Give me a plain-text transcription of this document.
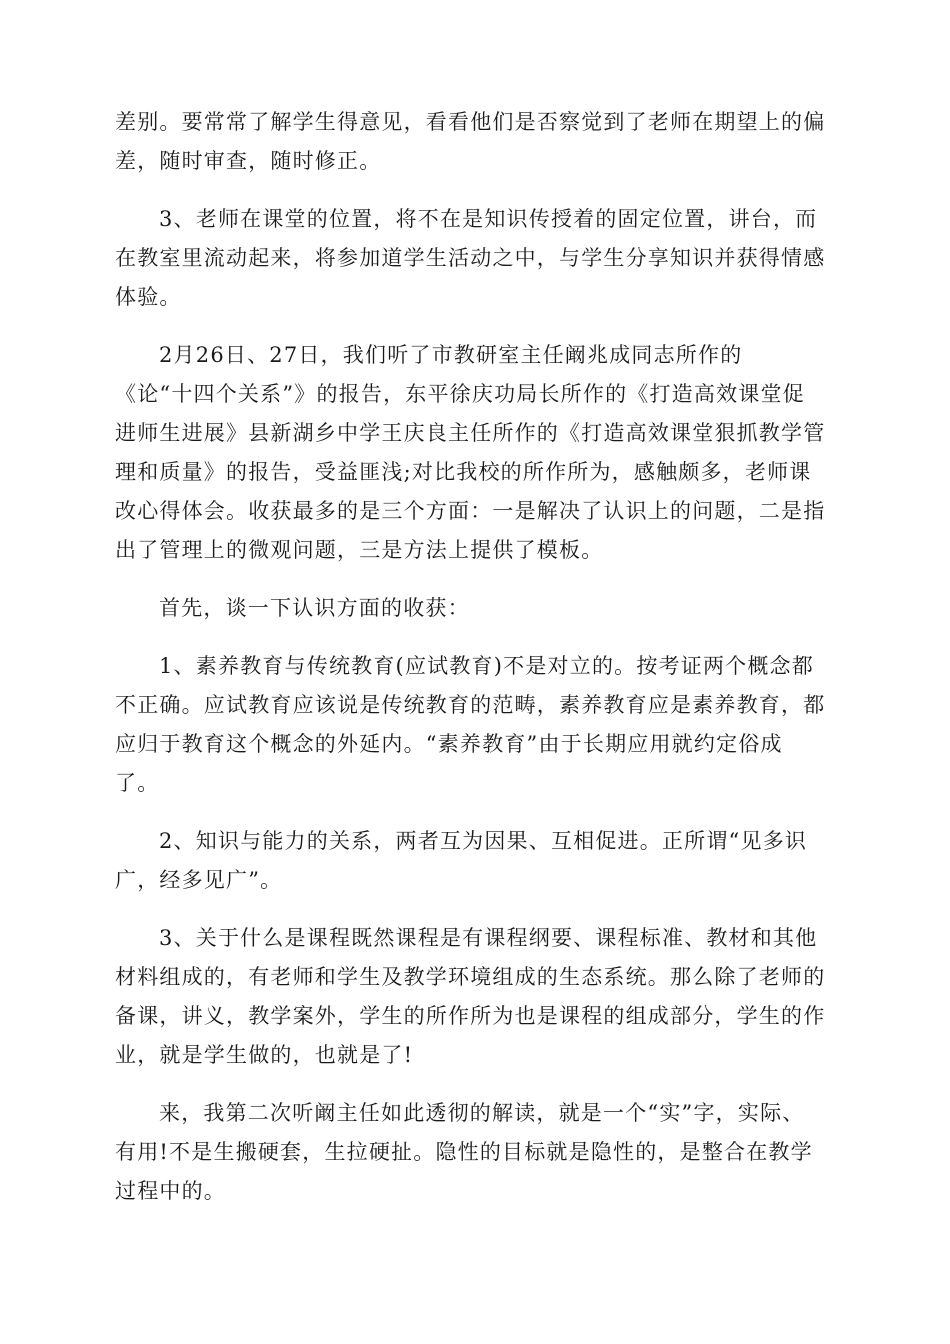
差别。要常常了解学生得意见，看看他们是否察觉到了老师在期望上的偏
差，随时审查，随时修正。
3、老师在课堂的位置，将不在是知识传授着的固定位置，讲台，而
在教室里流动起来，将参加道学生活动之中，与学生分享知识并获得情感
体验。
2月26日、27日，我们听了市教研室主任阚兆成同志所作的
《论“十四个关系”》的报告，东平徐庆功局长所作的《打造高效课堂促
进师生进展》县新湖乡中学王庆良主任所作的《打造高效课堂狠抓教学管
理和质量》的报告，受益匪浅;对比我校的所作所为，感触颇多，老师课
改心得体会。收获最多的是三个方面：一是解决了认识上的问题，二是指
出了管理上的微观问题，三是方法上提供了模板。
首先，谈一下认识方面的收获：
1、素养教育与传统教育(应试教育)不是对立的。按考证两个概念都
不正确。应试教育应该说是传统教育的范畴，素养教育应是素养教育，都
应归于教育这个概念的外延内。“素养教育”由于长期应用就约定俗成
了。
2、知识与能力的关系，两者互为因果、互相促进。正所谓“见多识
广，经多见广”。
3、关于什么是课程既然课程是有课程纲要、课程标准、教材和其他
材料组成的，有老师和学生及教学环境组成的生态系统。那么除了老师的
备课，讲义，教学案外，学生的所作所为也是课程的组成部分，学生的作
业，就是学生做的，也就是了!
来，我第二次听阚主任如此透彻的解读，就是一个“实”字，实际、
有用!不是生搬硬套，生拉硬扯。隐性的目标就是隐性的，是整合在教学
过程中的。
